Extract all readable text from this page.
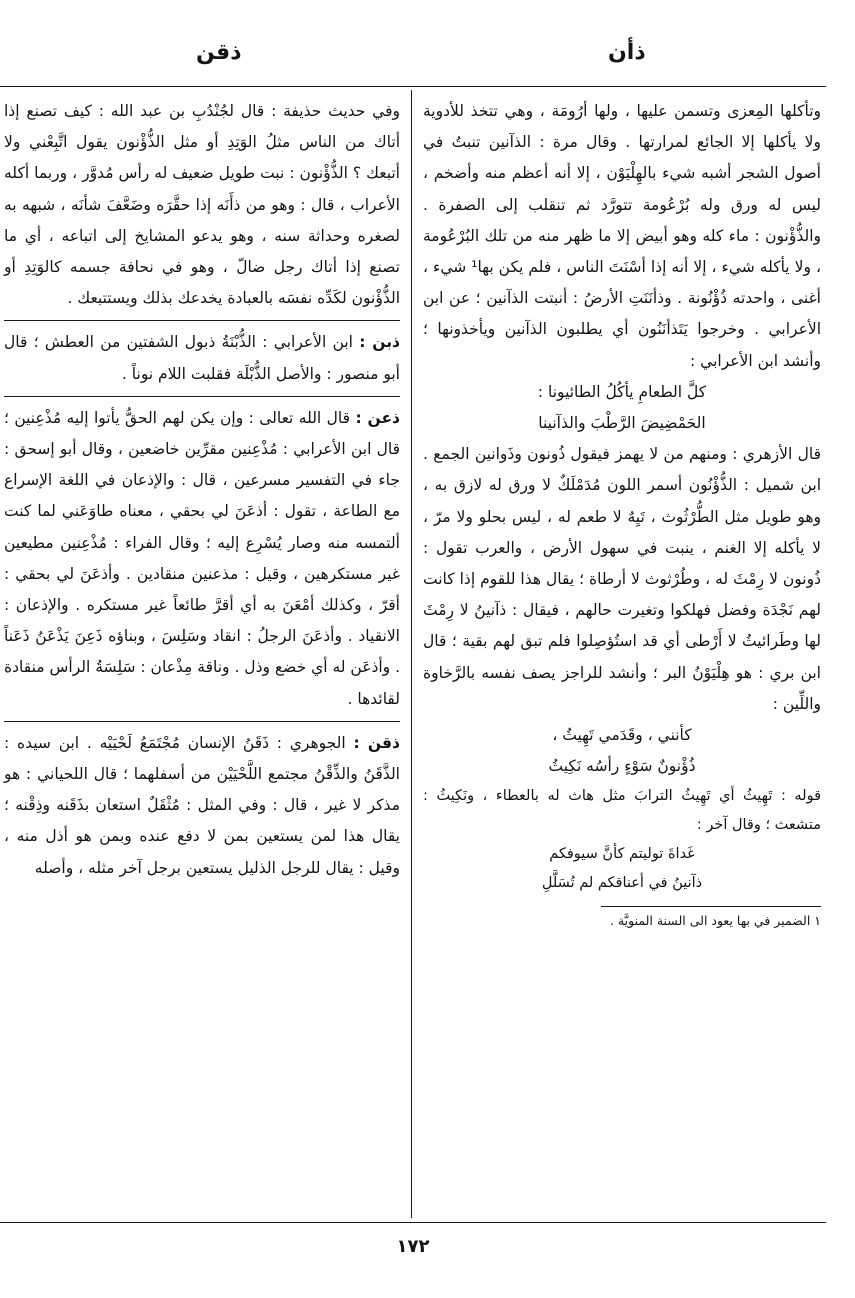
ذقن	ذأن

وتأكلها المِعزى وتسمن عليها ، ولها أرُومَة ، وهي تتخذ للأدوية ولا يأكلها إلا الجائع لمرارتها . وقال مرة : الذآنين تنبتُ في أصول الشجر أشبه شيء بالهِلْيَوْن ، إلا أنه أعظم منه وأضخم ، ليس له ورق وله بُرْعُومة تتورَّد ثم تنقلب إلى الصفرة . والذُّؤْنون : ماء كله وهو أبيض إلا ما ظهر منه من تلك البُرْعُومة ، ولا يأكله شيء ، إلا أنه إذا أسْنَتَ الناس ، فلم يكن بها¹ شيء ، أغنى ، واحدته ذُؤْنُونة . وذأنَنَتِ الأرضُ : أنبتت الذآنين ؛ عن ابن الأعرابي . وخرجوا يَتَذأنَنُون أي يطلبون الذآنين ويأخذونها ؛ وأنشد ابن الأعرابي :

كلَّ الطعامِ يأكُلُ الطائيونا :
الحَمْضِيضَ الرَّطْبَ والذآنينا

قال الأزهري : ومنهم من لا يهمز فيقول ذُونون وذَوانين الجمع . ابن شميل : الذُّؤْنُون أسمر اللون مُدَمْلَكٌ لا ورق له لازق به ، وهو طويل مثل الطُّرْثُوث ، تَيِهٌ لا طعم له ، ليس بحلو ولا مرّ ، لا يأكله إلا الغنم ، ينبت في سهول الأرض ، والعرب تقول : ذُونون لا رِمْثَ له ، وطُرْثوث لا أرطاة ؛ يقال هذا للقوم إذا كانت لهم نَجْدَة وفضل فهلكوا وتغيرت حالهم ، فيقال : ذآنينُ لا رِمْثَ لها وطَرائيثُ لا أَرْطى أي قد استُؤصِلوا فلم تبق لهم بقية ؛ قال ابن بري : هو هِلْيَوْنُ البر ؛ وأنشد للراجز يصف نفسه بالرَّخاوة واللِّين :

كأنني ، وقَدَمي تَهِيثُ ،
ذُؤْنونٌ سَوْءٍ رأسُه نَكِيثُ

قوله : تَهِيثُ أي تَهِيثُ الترابَ مثل هاث له بالعطاء ، ونَكِيثُ : متشعث ؛ وقال آخر :

غَداةَ توليتم كأنَّ سيوفكم
ذآنينُ في أعناقكم لم تُسَلَّلِ

١ الضمير في بها يعود الى السنة المنويَّة .

وفي حديث حذيفة : قال لجُنْدُبِ بن عبد الله : كيف تصنع إذا أتاك من الناس مثلُ الوَتِدِ أو مثل الذُّؤْنون يقول اتَّبِعْني ولا أتبعك ؟ الذُّؤْنون : نبت طويل ضعيف له رأس مُدوَّر ، وربما أكله الأعراب ، قال : وهو من ذأَنَه إذا حقَّرَه وضَعَّفَ شأنَه ، شبهه به لصغره وحداثة سنه ، وهو يدعو المشايخ إلى اتباعه ، أي ما تصنع إذا أتاك رجل ضالّ ، وهو في نحافة جسمه كالوَتِدِ أو الذُّؤْنون لكَدِّه نفسَه بالعبادة يخدعك بذلك ويستتبعك .

ذبن : ابن الأعرابي : الذُّبْنَةُ ذبول الشفتين من العطش ؛ قال أبو منصور : والأصل الذُّبْلَة فقلبت اللام نوناً .

ذعن : قال الله تعالى : وإن يكن لهم الحقُّ يأتوا إليه مُذْعِنين ؛ قال ابن الأعرابي : مُذْعِنين مقرِّين خاضعين ، وقال أبو إسحق : جاء في التفسير مسرعين ، قال : والإذعان في اللغة الإسراع مع الطاعة ، تقول : أذعَنَ لي بحقي ، معناه طاوَعَني لما كنت ألتمسه منه وصار يُسْرِع إليه ؛ وقال الفراء : مُذْعِنين مطيعين غير مستكرهين ، وقيل : مذعنين منقادين . وأذعَنَ لي بحقي : أقرّ ، وكذلك أمْعَنَ به أي أقرَّ طائعاً غير مستكره . والإذعان : الانقياد . وأذعَنَ الرجلُ : انقاد وسَلِسَ ، وبناؤه ذَعِنَ يَذْعَنُ ذَعَناً . وأذعَن له أي خضع وذل . وناقة مِذْعان : سَلِسَةُ الرأس منقادة لقائدها .

ذقن : الجوهري : ذَقَنُ الإنسان مُجْتَمَعُ لَحْيَيْه . ابن سيده : الذَّقَنُ والذِّقْنُ مجتمع اللَّحْيَيْن من أسفلهما ؛ قال اللحياني : هو مذكر لا غير ، قال : وفي المثل : مُثْقَلٌ استعان بذَقَنه وذِقْنه ؛ يقال هذا لمن يستعين بمن لا دفع عنده وبمن هو أذل منه ، وقيل : يقال للرجل الذليل يستعين برجل آخر مثله ، وأصله

١٧٢
